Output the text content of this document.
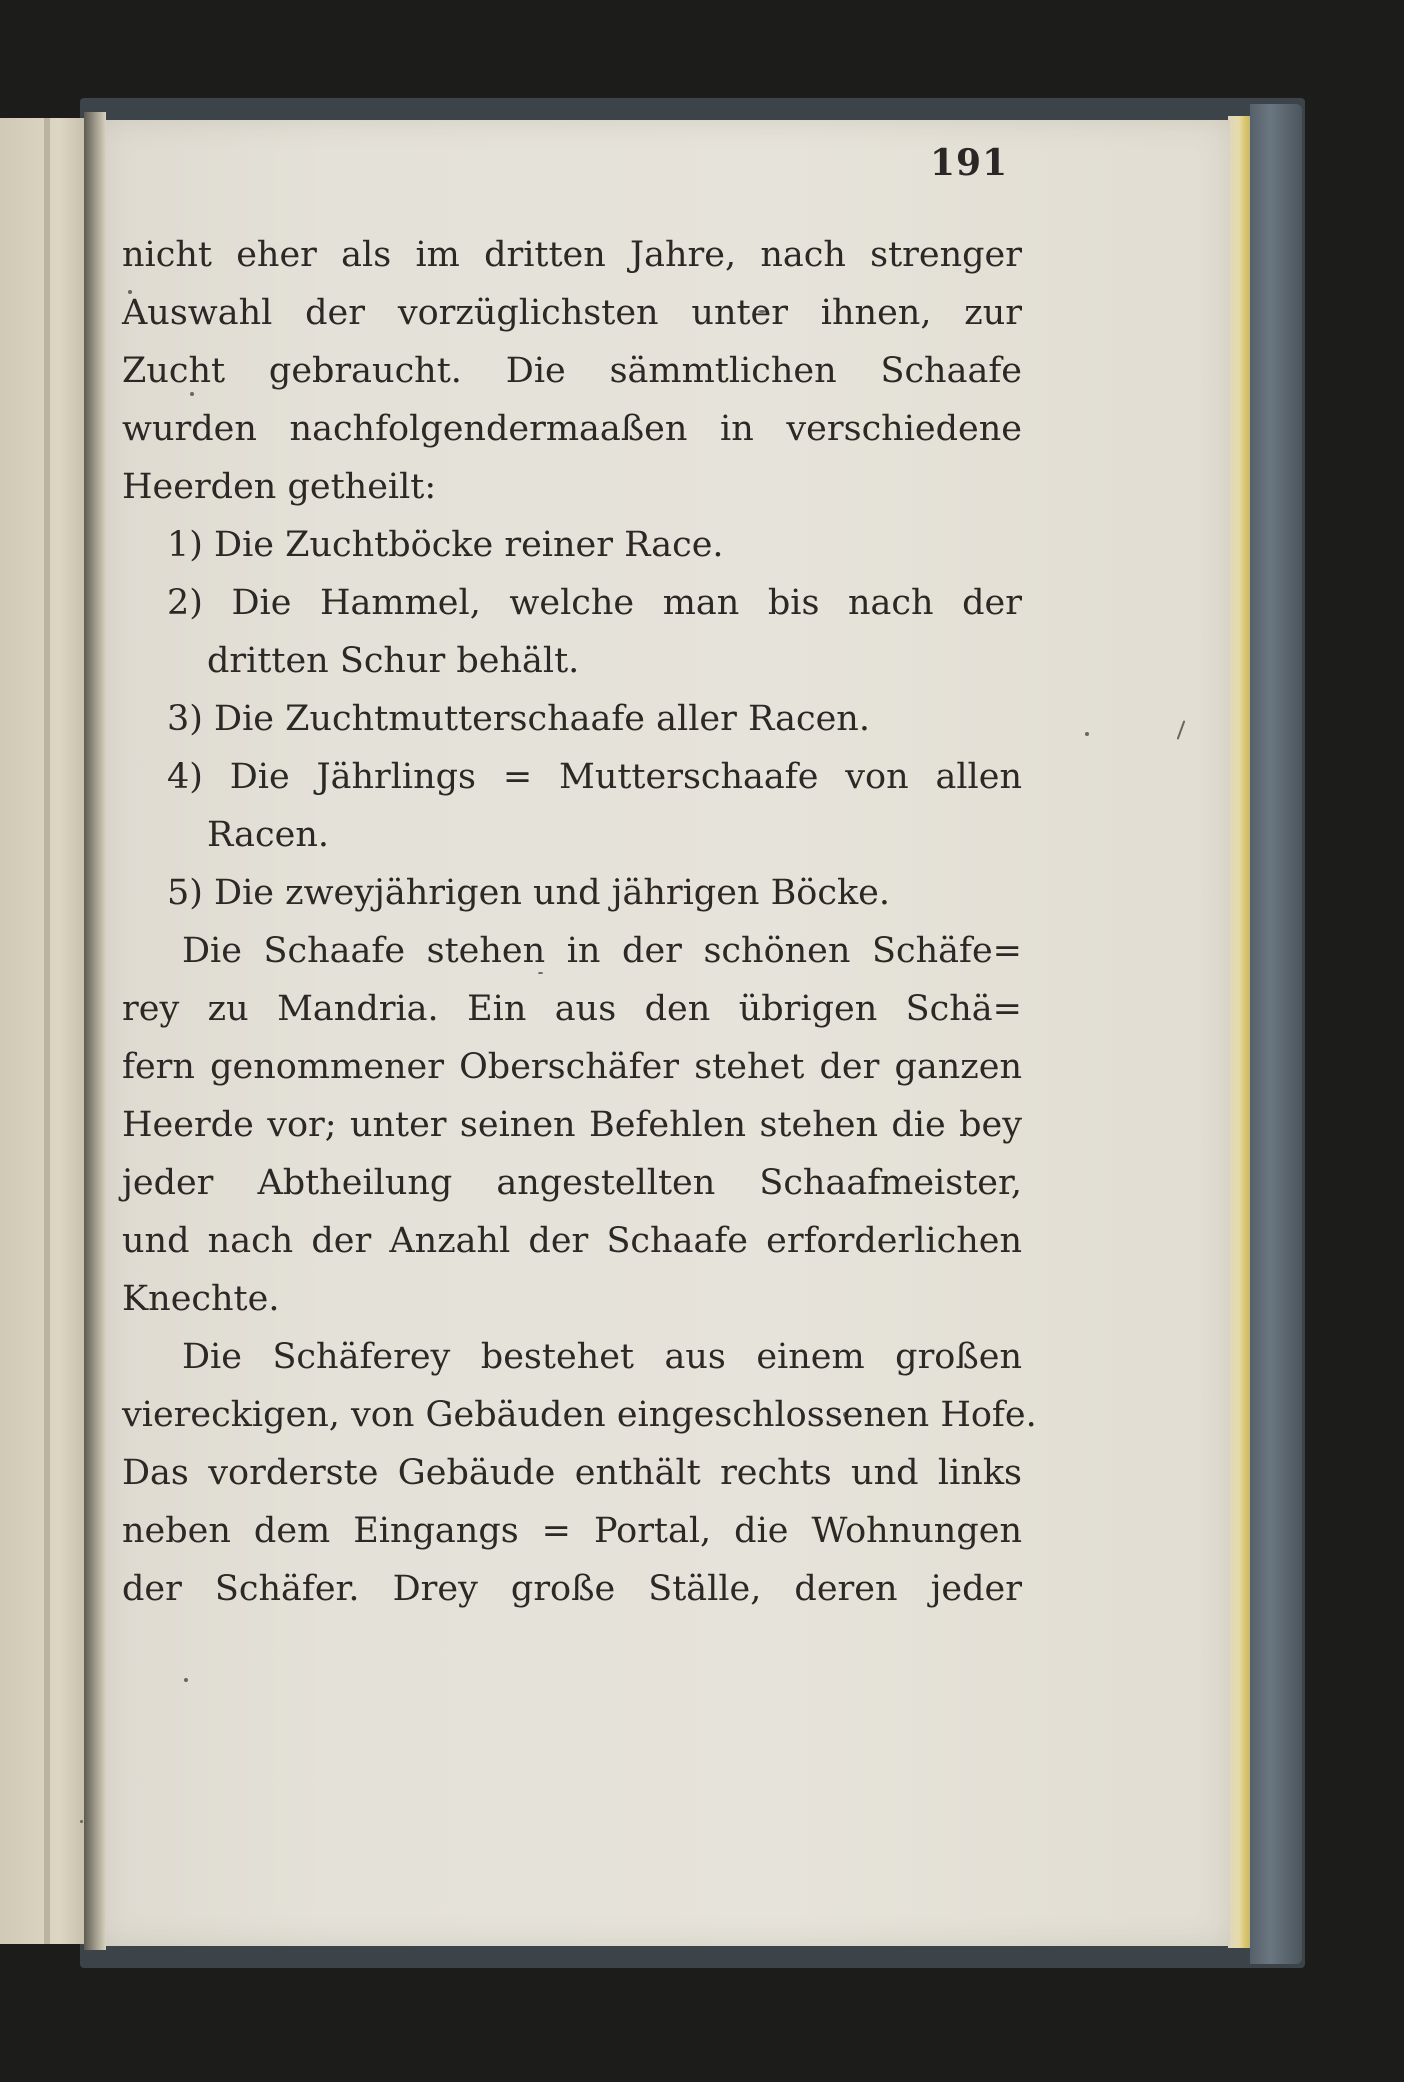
191
nicht eher als im dritten Jahre, nach strenger
Auswahl der vorzüglichsten unter ihnen, zur
Zucht gebraucht. Die sämmtlichen Schaafe
wurden nachfolgendermaaßen in verschiedene
Heerden getheilt:
1) Die Zuchtböcke reiner Race.
2) Die Hammel, welche man bis nach der
dritten Schur behält.
3) Die Zuchtmutterschaafe aller Racen.
4) Die Jährlings = Mutterschaafe von allen
Racen.
5) Die zweyjährigen und jährigen Böcke.
Die Schaafe stehen in der schönen Schäfe=
rey zu Mandria. Ein aus den übrigen Schä=
fern genommener Oberschäfer stehet der ganzen
Heerde vor; unter seinen Befehlen stehen die bey
jeder Abtheilung angestellten Schaafmeister,
und nach der Anzahl der Schaafe erforderlichen
Knechte.
Die Schäferey bestehet aus einem großen
viereckigen, von Gebäuden eingeschlossenen Hofe.
Das vorderste Gebäude enthält rechts und links
neben dem Eingangs = Portal, die Wohnungen
der Schäfer. Drey große Ställe, deren jeder
